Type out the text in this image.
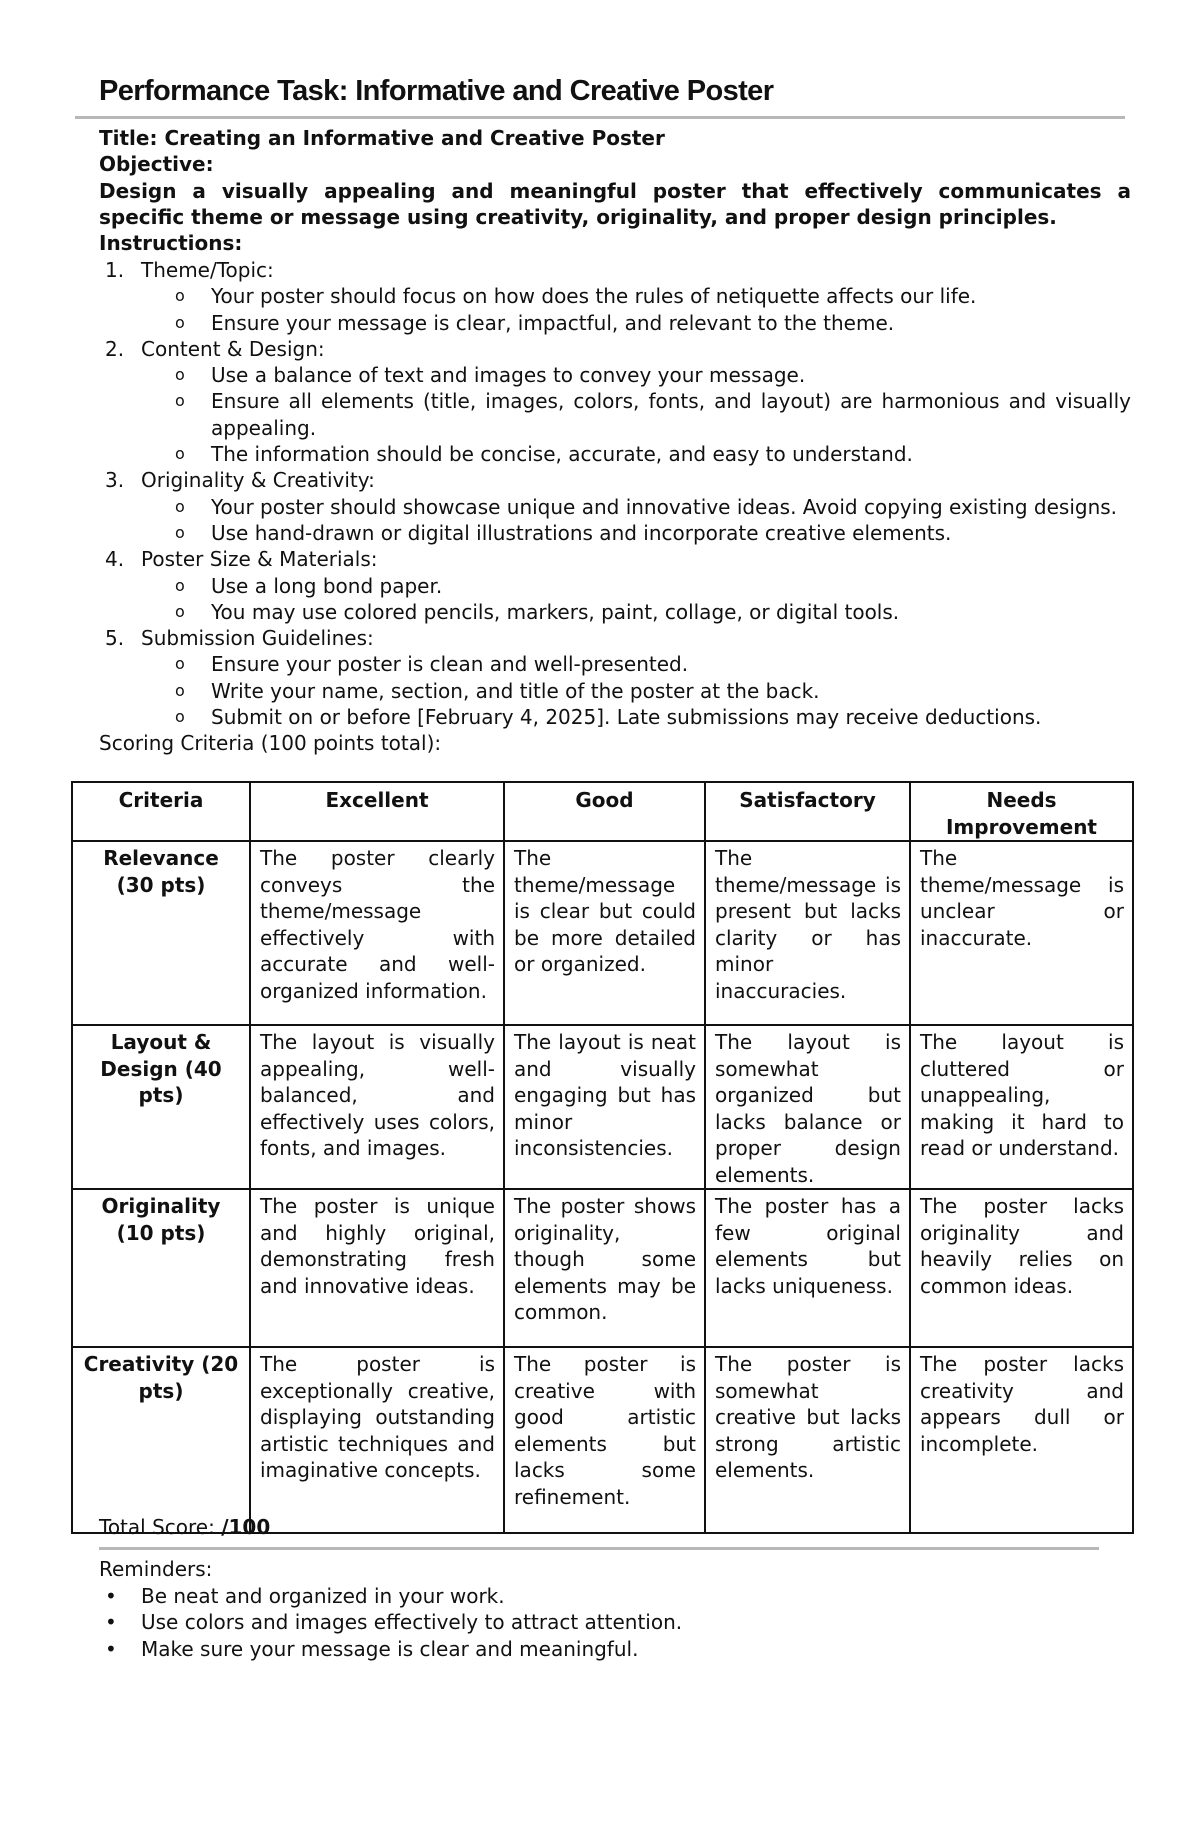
Performance Task: Informative and Creative Poster
Title: Creating an Informative and Creative Poster
Objective:
Design a visually appealing and meaningful poster that effectively communicates a specific theme or message using creativity, originality, and proper design principles.
Instructions:
1. Theme/Topic:
o Your poster should focus on how does the rules of netiquette affects our life.
o Ensure your message is clear, impactful, and relevant to the theme.
2. Content & Design:
o Use a balance of text and images to convey your message.
o Ensure all elements (title, images, colors, fonts, and layout) are harmonious and visually appealing.
o The information should be concise, accurate, and easy to understand.
3. Originality & Creativity:
o Your poster should showcase unique and innovative ideas. Avoid copying existing designs.
o Use hand-drawn or digital illustrations and incorporate creative elements.
4. Poster Size & Materials:
o Use a long bond paper.
o You may use colored pencils, markers, paint, collage, or digital tools.
5. Submission Guidelines:
o Ensure your poster is clean and well-presented.
o Write your name, section, and title of the poster at the back.
o Submit on or before [February 4, 2025]. Late submissions may receive deductions.
Scoring Criteria (100 points total):
Criteria	Excellent	Good	Satisfactory	Needs Improvement
Relevance (30 pts)	The poster clearly conveys the theme/message effectively with accurate and well-organized information.	The theme/message is clear but could be more detailed or organized.	The theme/message is present but lacks clarity or has minor inaccuracies.	The theme/message is unclear or inaccurate.
Layout & Design (40 pts)	The layout is visually appealing, well-balanced, and effectively uses colors, fonts, and images.	The layout is neat and visually engaging but has minor inconsistencies.	The layout is somewhat organized but lacks balance or proper design elements.	The layout is cluttered or unappealing, making it hard to read or understand.
Originality (10 pts)	The poster is unique and highly original, demonstrating fresh and innovative ideas.	The poster shows originality, though some elements may be common.	The poster has a few original elements but lacks uniqueness.	The poster lacks originality and heavily relies on common ideas.
Creativity (20 pts)	The poster is exceptionally creative, displaying outstanding artistic techniques and imaginative concepts.	The poster is creative with good artistic elements but lacks some refinement.	The poster is somewhat creative but lacks strong artistic elements.	The poster lacks creativity and appears dull or incomplete.
Total Score: /100
Reminders:
• Be neat and organized in your work.
• Use colors and images effectively to attract attention.
• Make sure your message is clear and meaningful.
